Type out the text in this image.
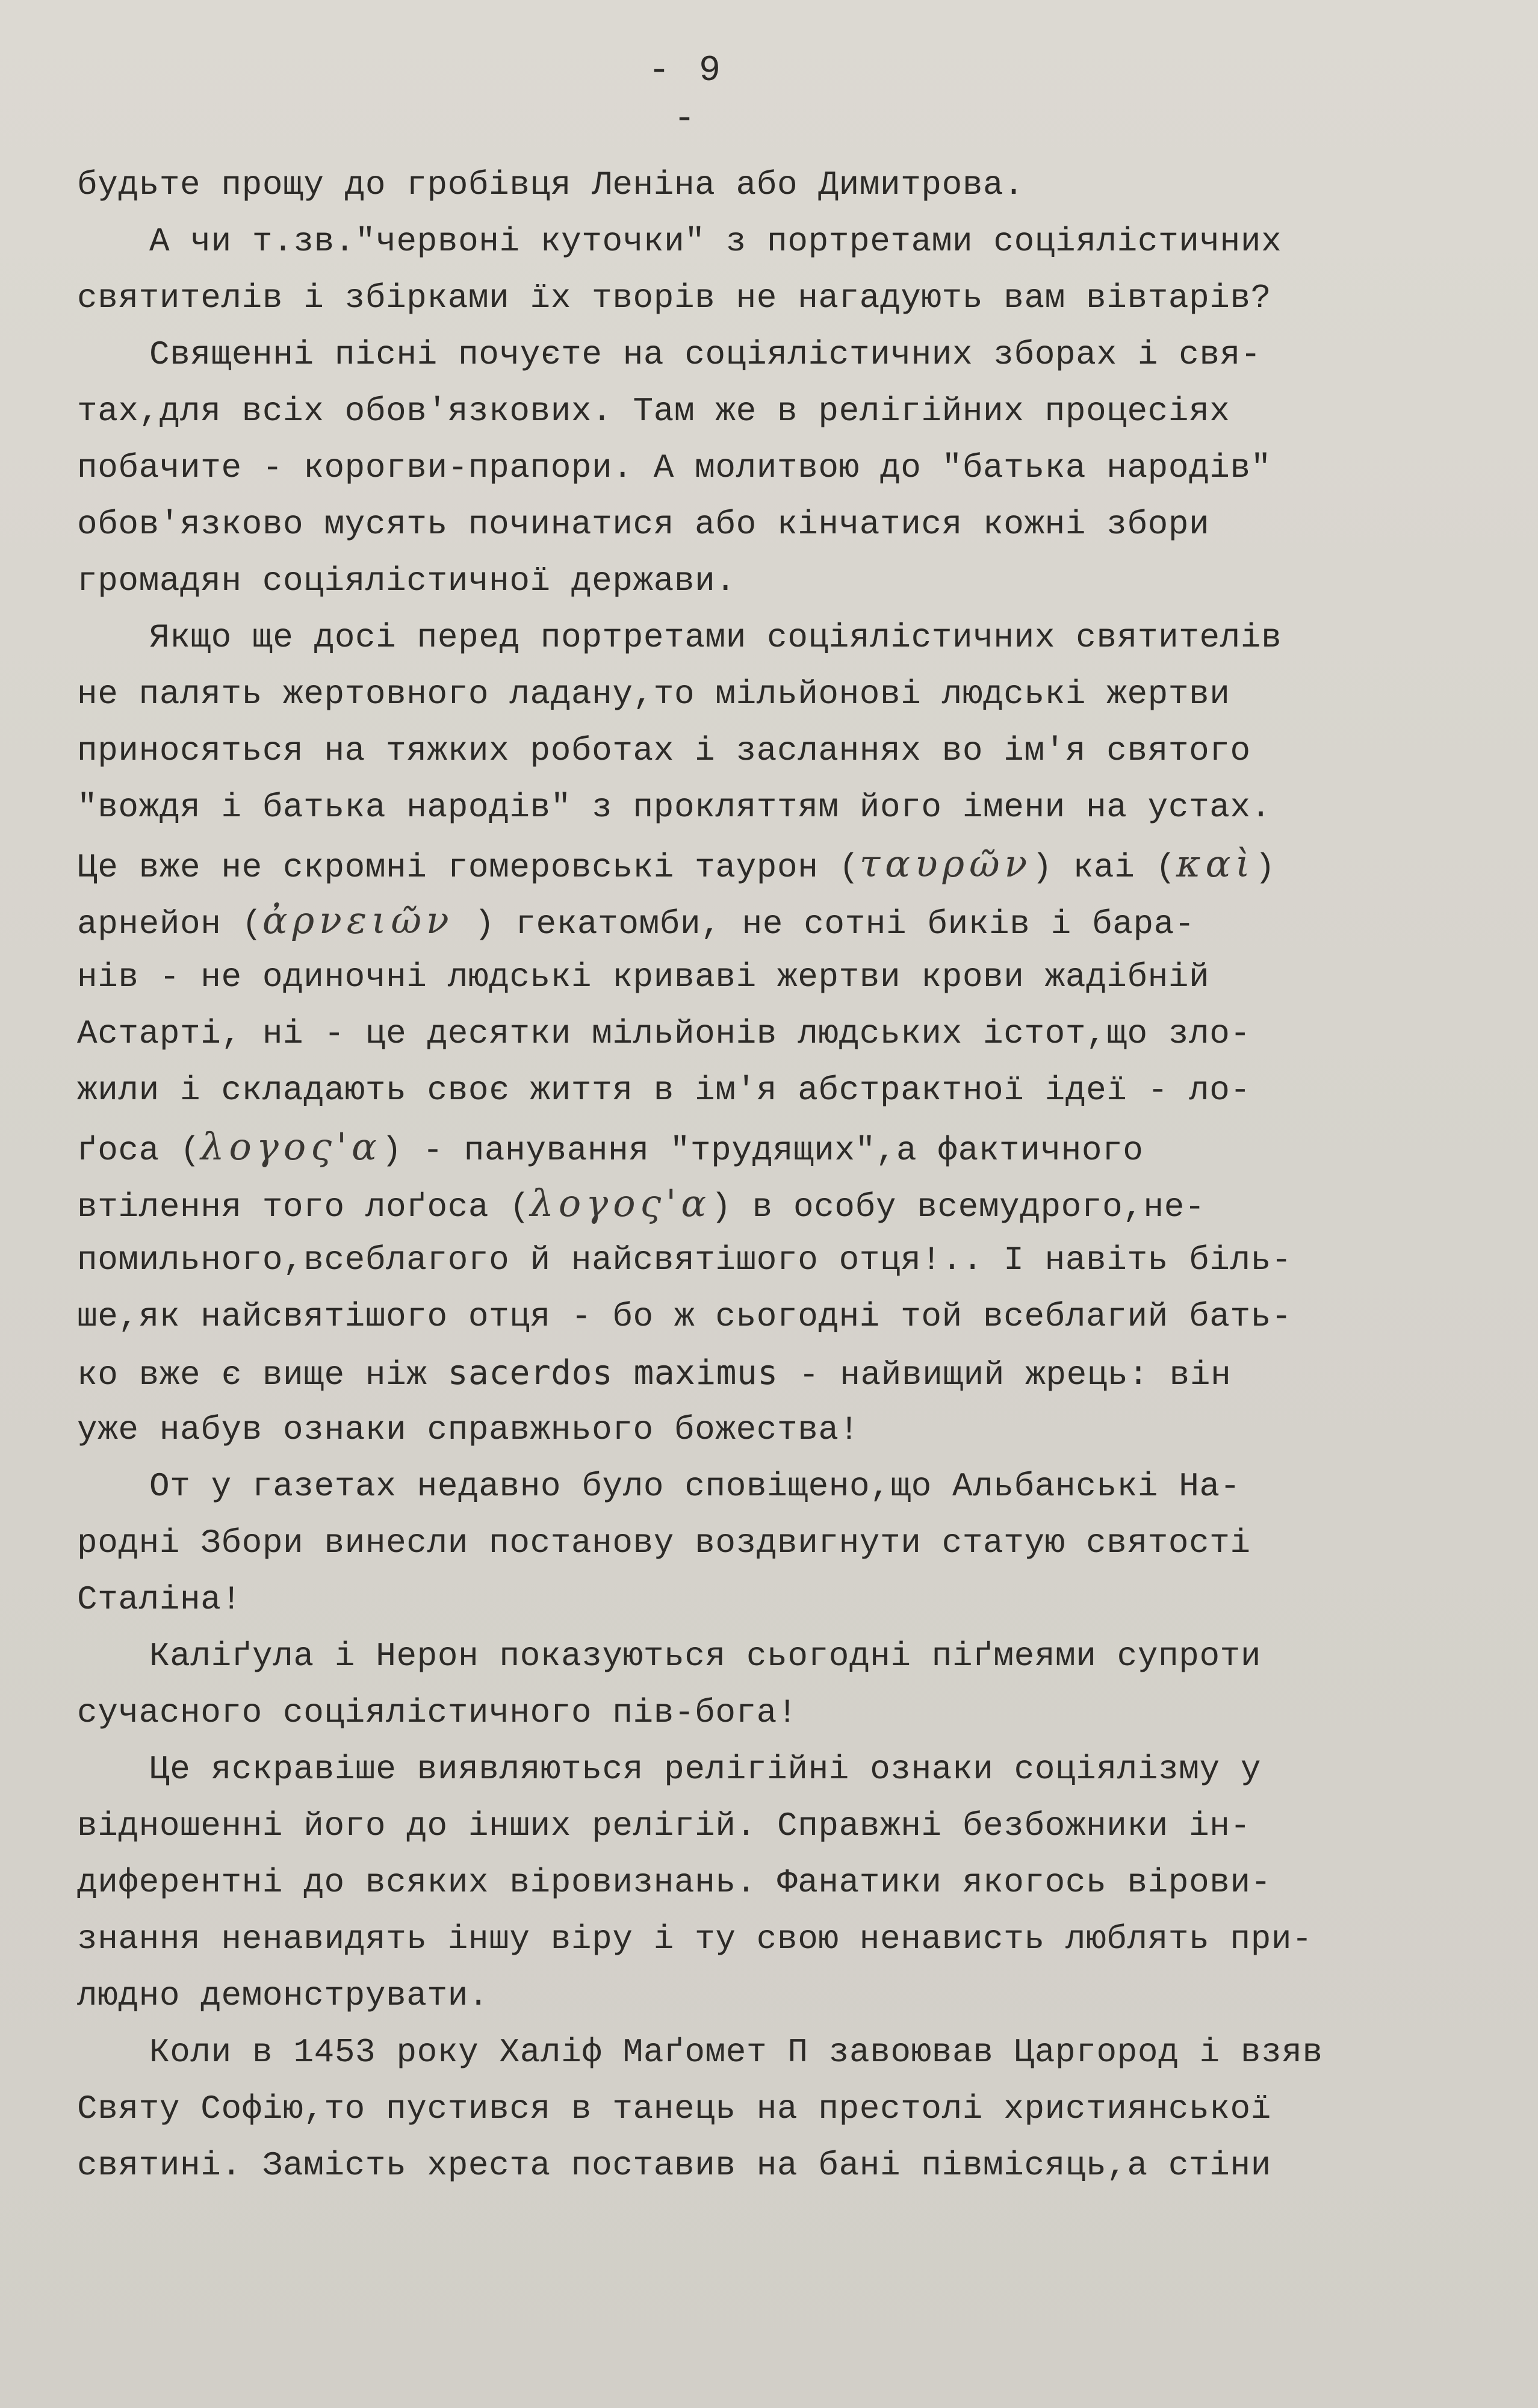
- 9 -
будьте прощу до гробівця Леніна або Димитрова.
А чи т.зв."червоні куточки" з портретами соціялістичних
святителів і збірками їх творів не нагадують вам вівтарів?
Священні пісні почуєте на соціялістичних зборах і свя-
тах,для всіх обов'язкових. Там же в релігійних процесіях
побачите - корогви-прапори. А молитвою до "батька народів"
обов'язково мусять починатися або кінчатися кожні збори
громадян соціялістичної держави.
Якщо ще досі перед портретами соціялістичних святителів
не палять жертовного ладану,то мільйонові людські жертви
приносяться на тяжких роботах і засланнях во ім'я святого
"вождя і батька народів" з прокляттям його імени на устах.
Це вже не скромні гомеровські таурон (ταυρῶν) каі (καὶ)
арнейон (ἀρνειῶν ) гекатомби, не сотні биків і бара-
нів - не одиночні людські криваві жертви крови жадібній
Астарті, ні - це десятки мільйонів людських істот,що зло-
жили і складають своє життя в ім'я абстрактної ідеї - ло-
ґоса (λογος'α) - панування "трудящих",а фактичного
втілення того лоґоса (λογος'α) в особу всемудрого,не-
помильного,всеблагого й найсвятішого отця!.. І навіть біль-
ше,як найсвятішого отця - бо ж сьогодні той всеблагий бать-
ко вже є вище ніж sacerdos maximus - найвищий жрець: він
уже набув ознаки справжнього божества!
От у газетах недавно було сповіщено,що Альбанські На-
родні Збори винесли постанову воздвигнути статую святості
Сталіна!
Каліґула і Нерон показуються сьогодні піґмеями супроти
сучасного соціялістичного пів-бога!
Це яскравіше виявляються релігійні ознаки соціялізму у
відношенні його до інших релігій. Справжні безбожники ін-
диферентні до всяких віровизнань. Фанатики якогось вірови-
знання ненавидять іншу віру і ту свою ненависть люблять при-
людно демонструвати.
Коли в 1453 року Халіф Маґомет П завоював Царгород і взяв
Святу Софію,то пустився в танець на престолі християнської
святині. Замість хреста поставив на бані півмісяць,а стіни
